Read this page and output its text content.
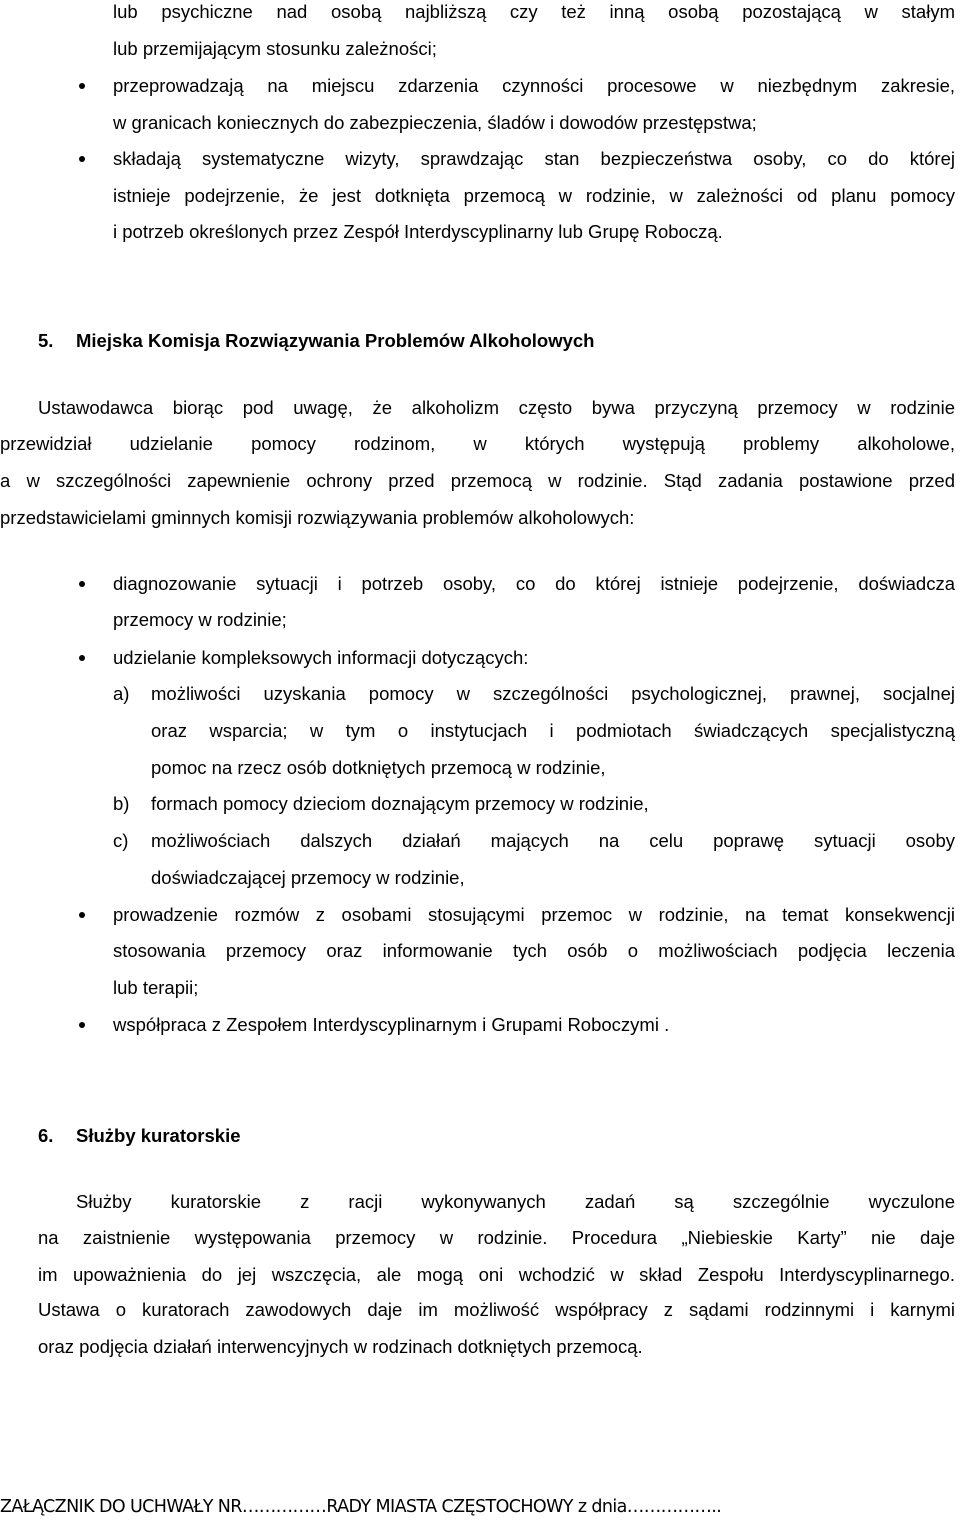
lub psychiczne nad osobą najbliższą czy też inną osobą pozostającą w stałym
lub przemijającym stosunku zależności;
przeprowadzają na miejscu zdarzenia czynności procesowe w niezbędnym zakresie,
w granicach koniecznych do zabezpieczenia, śladów i dowodów przestępstwa;
składają systematyczne wizyty, sprawdzając stan bezpieczeństwa osoby, co do której
istnieje podejrzenie, że jest dotknięta przemocą w rodzinie, w zależności od planu pomocy
i potrzeb określonych przez Zespół Interdyscyplinarny lub Grupę Roboczą.
5. Miejska Komisja Rozwiązywania Problemów Alkoholowych
Ustawodawca biorąc pod uwagę, że alkoholizm często bywa przyczyną przemocy w rodzinie
przewidział udzielanie pomocy rodzinom, w których występują problemy alkoholowe,
a w szczególności zapewnienie ochrony przed przemocą w rodzinie. Stąd zadania postawione przed
przedstawicielami gminnych komisji rozwiązywania problemów alkoholowych:
diagnozowanie sytuacji i potrzeb osoby, co do której istnieje podejrzenie, doświadcza
przemocy w rodzinie;
udzielanie kompleksowych informacji dotyczących:
a) możliwości uzyskania pomocy w szczególności psychologicznej, prawnej, socjalnej
oraz wsparcia; w tym o instytucjach i podmiotach świadczących specjalistyczną
pomoc na rzecz osób dotkniętych przemocą w rodzinie,
b) formach pomocy dzieciom doznającym przemocy w rodzinie,
c) możliwościach dalszych działań mających na celu poprawę sytuacji osoby
doświadczającej przemocy w rodzinie,
prowadzenie rozmów z osobami stosującymi przemoc w rodzinie, na temat konsekwencji
stosowania przemocy oraz informowanie tych osób o możliwościach podjęcia leczenia
lub terapii;
współpraca z Zespołem Interdyscyplinarnym i Grupami Roboczymi .
6. Służby kuratorskie
Służby kuratorskie z racji wykonywanych zadań są szczególnie wyczulone
na zaistnienie występowania przemocy w rodzinie. Procedura „Niebieskie Karty” nie daje
im upoważnienia do jej wszczęcia, ale mogą oni wchodzić w skład Zespołu Interdyscyplinarnego.
Ustawa o kuratorach zawodowych daje im możliwość współpracy z sądami rodzinnymi i karnymi
oraz podjęcia działań interwencyjnych w rodzinach dotkniętych przemocą.
ZAŁĄCZNIK DO UCHWAŁY NR……………RADY MIASTA CZĘSTOCHOWY z dnia……………..
